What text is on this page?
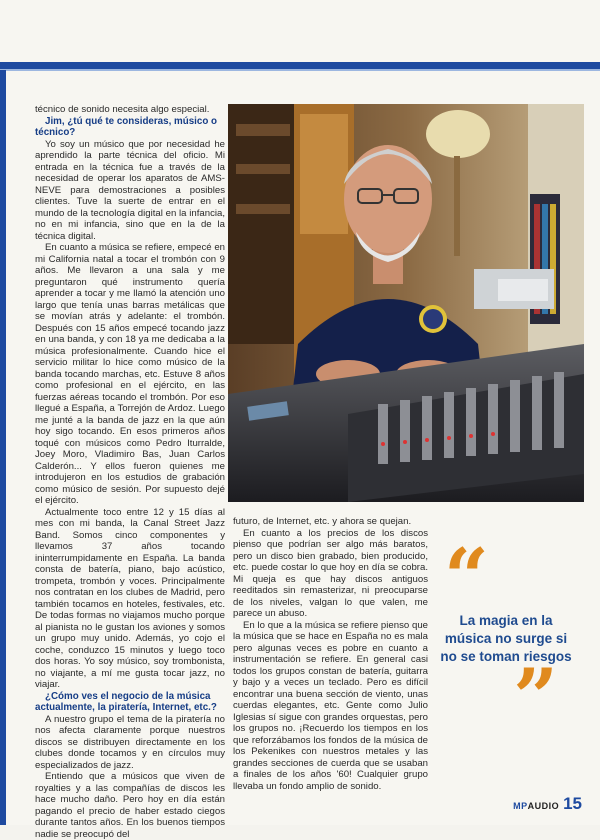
técnico de sonido necesita algo especial.

Jim, ¿tú qué te consideras, músico o técnico?

Yo soy un músico que por necesidad he aprendido la parte técnica del oficio. Mi entrada en la técnica fue a través de la necesidad de operar los aparatos de AMS-NEVE para demostraciones a posibles clientes. Tuve la suerte de entrar en el mundo de la tecnología digital en la infancia, no en mi infancia, sino que en la de la técnica digital.

En cuanto a música se refiere, empecé en mi California natal a tocar el trombón con 9 años. Me llevaron a una sala y me preguntaron qué instrumento quería aprender a tocar y me llamó la atención uno largo que tenía unas barras metálicas que se movían atrás y adelante: el trombón. Después con 15 años empecé tocando jazz en una banda, y con 18 ya me dedicaba a la música profesionalmente. Cuando hice el servicio militar lo hice como músico de la banda tocando marchas, etc. Estuve 8 años como profesional en el ejército, en las fuerzas aéreas tocando el trombón. Por eso llegué a España, a Torrejón de Ardoz. Luego me junté a la banda de jazz en la que aún hoy sigo tocando. En esos primeros años toqué con músicos como Pedro Iturralde, Joey Moro, Vladimiro Bas, Juan Carlos Calderón... Y ellos fueron quienes me introdujeron en los estudios de grabación como músico de sesión. Por supuesto dejé el ejército.

Actualmente toco entre 12 y 15 días al mes con mi banda, la Canal Street Jazz Band. Somos cinco componentes y llevamos 37 años tocando ininterrumpidamente en España. La banda consta de batería, piano, bajo acústico, trompeta, trombón y voces. Principalmente nos contratan en los clubes de Madrid, pero también tocamos en hoteles, festivales, etc. De todas formas no viajamos mucho porque al pianista no le gustan los aviones y somos un grupo muy unido. Además, yo cojo el coche, conduzco 15 minutos y luego toco dos horas. Yo soy músico, soy trombonista, no viajante, a mí me gusta tocar jazz, no viajar.

¿Cómo ves el negocio de la música actualmente, la piratería, Internet, etc.?

A nuestro grupo el tema de la piratería no nos afecta claramente porque nuestros discos se distribuyen directamente en los clubes donde tocamos y en círculos muy especializados de jazz.

Entiendo que a músicos que viven de royalties y a las compañías de discos les hace mucho daño. Pero hoy en día están pagando el precio de haber estado ciegos durante tantos años. En los buenos tiempos nadie se preocupó del

futuro, de Internet, etc. y ahora se quejan.

En cuanto a los precios de los discos pienso que podrían ser algo más baratos, pero un disco bien grabado, bien producido, etc. puede costar lo que hoy en día se cobra. Mi queja es que hay discos antiguos reeditados sin remasterizar, ni preocuparse de los niveles, valgan lo que valen, me parece un abuso.

En lo que a la música se refiere pienso que la música que se hace en España no es mala pero algunas veces es pobre en cuanto a instrumentación se refiere. En general casi todos los grupos constan de batería, guitarra y bajo y a veces un teclado. Pero es difícil encontrar una buena sección de viento, unas cuerdas elegantes, etc. Gente como Julio Iglesias sí sigue con grandes orquestas, pero los grupos no. ¡Recuerdo los tiempos en los que reforzábamos los fondos de la música de los Pekenikes con nuestros metales y las grandes secciones de cuerda que se usaban a finales de los años '60! Cualquier grupo llevaba un fondo amplio de sonido.

“
La magia en la música no surge si no se toman riesgos
”
MPAUDIO 15
